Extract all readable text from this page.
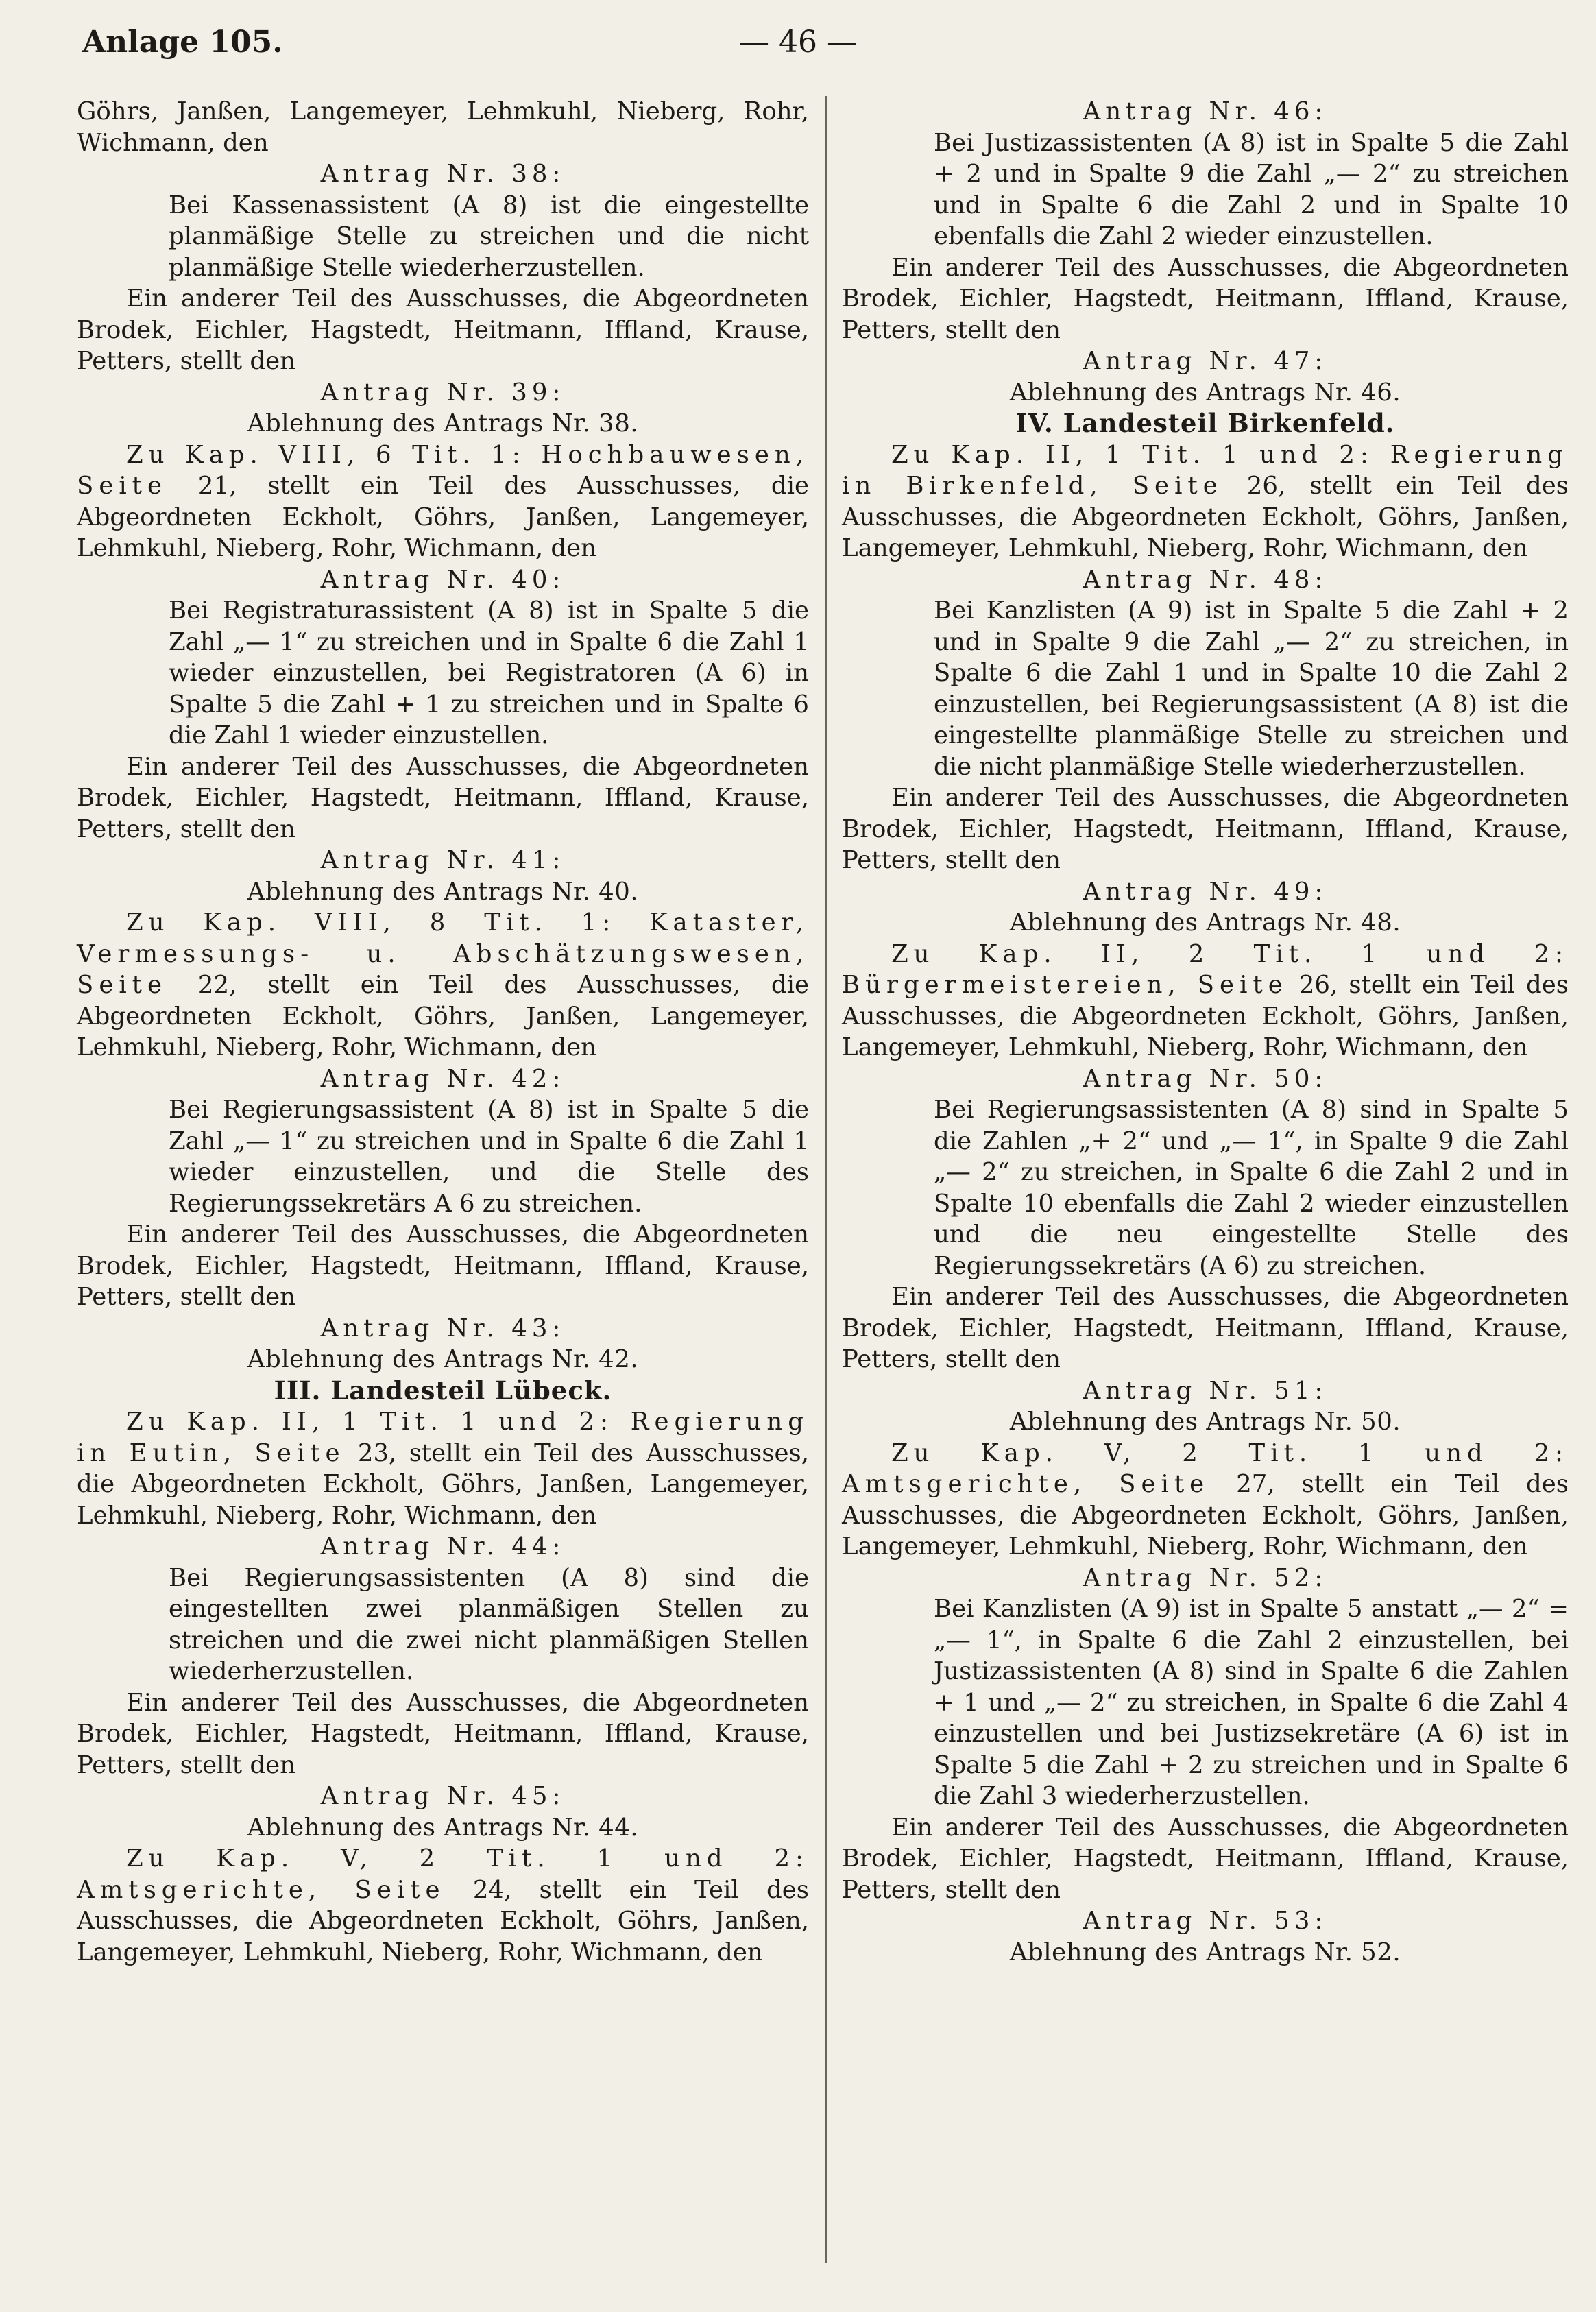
Anlage 105.	— 46 —

Göhrs, Janßen, Langemeyer, Lehmkuhl, Nieberg, Rohr, Wichmann, den

Antrag Nr. 38:

Bei Kassenassistent (A 8) ist die eingestellte planmäßige Stelle zu streichen und die nicht planmäßige Stelle wiederherzustellen.

Ein anderer Teil des Ausschusses, die Abgeordneten Brodek, Eichler, Hagstedt, Heitmann, Iffland, Krause, Petters, stellt den

Antrag Nr. 39:

Ablehnung des Antrags Nr. 38.

Zu Kap. VIII, 6 Tit. 1: Hochbauwesen, Seite 21, stellt ein Teil des Ausschusses, die Abgeordneten Eckholt, Göhrs, Janßen, Langemeyer, Lehmkuhl, Nieberg, Rohr, Wichmann, den

Antrag Nr. 40:

Bei Registraturassistent (A 8) ist in Spalte 5 die Zahl „— 1“ zu streichen und in Spalte 6 die Zahl 1 wieder einzustellen, bei Registratoren (A 6) in Spalte 5 die Zahl + 1 zu streichen und in Spalte 6 die Zahl 1 wieder einzustellen.

Ein anderer Teil des Ausschusses, die Abgeordneten Brodek, Eichler, Hagstedt, Heitmann, Iffland, Krause, Petters, stellt den

Antrag Nr. 41:

Ablehnung des Antrags Nr. 40.

Zu Kap. VIII, 8 Tit. 1: Kataster, Vermessungs- u. Abschätzungswesen, Seite 22, stellt ein Teil des Ausschusses, die Abgeordneten Eckholt, Göhrs, Janßen, Langemeyer, Lehmkuhl, Nieberg, Rohr, Wichmann, den

Antrag Nr. 42:

Bei Regierungsassistent (A 8) ist in Spalte 5 die Zahl „— 1“ zu streichen und in Spalte 6 die Zahl 1 wieder einzustellen, und die Stelle des Regierungssekretärs A 6 zu streichen.

Ein anderer Teil des Ausschusses, die Abgeordneten Brodek, Eichler, Hagstedt, Heitmann, Iffland, Krause, Petters, stellt den

Antrag Nr. 43:

Ablehnung des Antrags Nr. 42.

III. Landesteil Lübeck.

Zu Kap. II, 1 Tit. 1 und 2: Regierung in Eutin, Seite 23, stellt ein Teil des Ausschusses, die Abgeordneten Eckholt, Göhrs, Janßen, Langemeyer, Lehmkuhl, Nieberg, Rohr, Wichmann, den

Antrag Nr. 44:

Bei Regierungsassistenten (A 8) sind die eingestellten zwei planmäßigen Stellen zu streichen und die zwei nicht planmäßigen Stellen wiederherzustellen.

Ein anderer Teil des Ausschusses, die Abgeordneten Brodek, Eichler, Hagstedt, Heitmann, Iffland, Krause, Petters, stellt den

Antrag Nr. 45:

Ablehnung des Antrags Nr. 44.

Zu Kap. V, 2 Tit. 1 und 2: Amtsgerichte, Seite 24, stellt ein Teil des Ausschusses, die Abgeordneten Eckholt, Göhrs, Janßen, Langemeyer, Lehmkuhl, Nieberg, Rohr, Wichmann, den

Antrag Nr. 46:

Bei Justizassistenten (A 8) ist in Spalte 5 die Zahl + 2 und in Spalte 9 die Zahl „— 2“ zu streichen und in Spalte 6 die Zahl 2 und in Spalte 10 ebenfalls die Zahl 2 wieder einzustellen.

Ein anderer Teil des Ausschusses, die Abgeordneten Brodek, Eichler, Hagstedt, Heitmann, Iffland, Krause, Petters, stellt den

Antrag Nr. 47:

Ablehnung des Antrags Nr. 46.

IV. Landesteil Birkenfeld.

Zu Kap. II, 1 Tit. 1 und 2: Regierung in Birkenfeld, Seite 26, stellt ein Teil des Ausschusses, die Abgeordneten Eckholt, Göhrs, Janßen, Langemeyer, Lehmkuhl, Nieberg, Rohr, Wichmann, den

Antrag Nr. 48:

Bei Kanzlisten (A 9) ist in Spalte 5 die Zahl + 2 und in Spalte 9 die Zahl „— 2“ zu streichen, in Spalte 6 die Zahl 1 und in Spalte 10 die Zahl 2 einzustellen, bei Regierungsassistent (A 8) ist die eingestellte planmäßige Stelle zu streichen und die nicht planmäßige Stelle wiederherzustellen.

Ein anderer Teil des Ausschusses, die Abgeordneten Brodek, Eichler, Hagstedt, Heitmann, Iffland, Krause, Petters, stellt den

Antrag Nr. 49:

Ablehnung des Antrags Nr. 48.

Zu Kap. II, 2 Tit. 1 und 2: Bürgermeistereien, Seite 26, stellt ein Teil des Ausschusses, die Abgeordneten Eckholt, Göhrs, Janßen, Langemeyer, Lehmkuhl, Nieberg, Rohr, Wichmann, den

Antrag Nr. 50:

Bei Regierungsassistenten (A 8) sind in Spalte 5 die Zahlen „+ 2“ und „— 1“, in Spalte 9 die Zahl „— 2“ zu streichen, in Spalte 6 die Zahl 2 und in Spalte 10 ebenfalls die Zahl 2 wieder einzustellen und die neu eingestellte Stelle des Regierungssekretärs (A 6) zu streichen.

Ein anderer Teil des Ausschusses, die Abgeordneten Brodek, Eichler, Hagstedt, Heitmann, Iffland, Krause, Petters, stellt den

Antrag Nr. 51:

Ablehnung des Antrags Nr. 50.

Zu Kap. V, 2 Tit. 1 und 2: Amtsgerichte, Seite 27, stellt ein Teil des Ausschusses, die Abgeordneten Eckholt, Göhrs, Janßen, Langemeyer, Lehmkuhl, Nieberg, Rohr, Wichmann, den

Antrag Nr. 52:

Bei Kanzlisten (A 9) ist in Spalte 5 anstatt „— 2“ = „— 1“, in Spalte 6 die Zahl 2 einzustellen, bei Justizassistenten (A 8) sind in Spalte 6 die Zahlen + 1 und „— 2“ zu streichen, in Spalte 6 die Zahl 4 einzustellen und bei Justizsekretäre (A 6) ist in Spalte 5 die Zahl + 2 zu streichen und in Spalte 6 die Zahl 3 wiederherzustellen.

Ein anderer Teil des Ausschusses, die Abgeordneten Brodek, Eichler, Hagstedt, Heitmann, Iffland, Krause, Petters, stellt den

Antrag Nr. 53:

Ablehnung des Antrags Nr. 52.
